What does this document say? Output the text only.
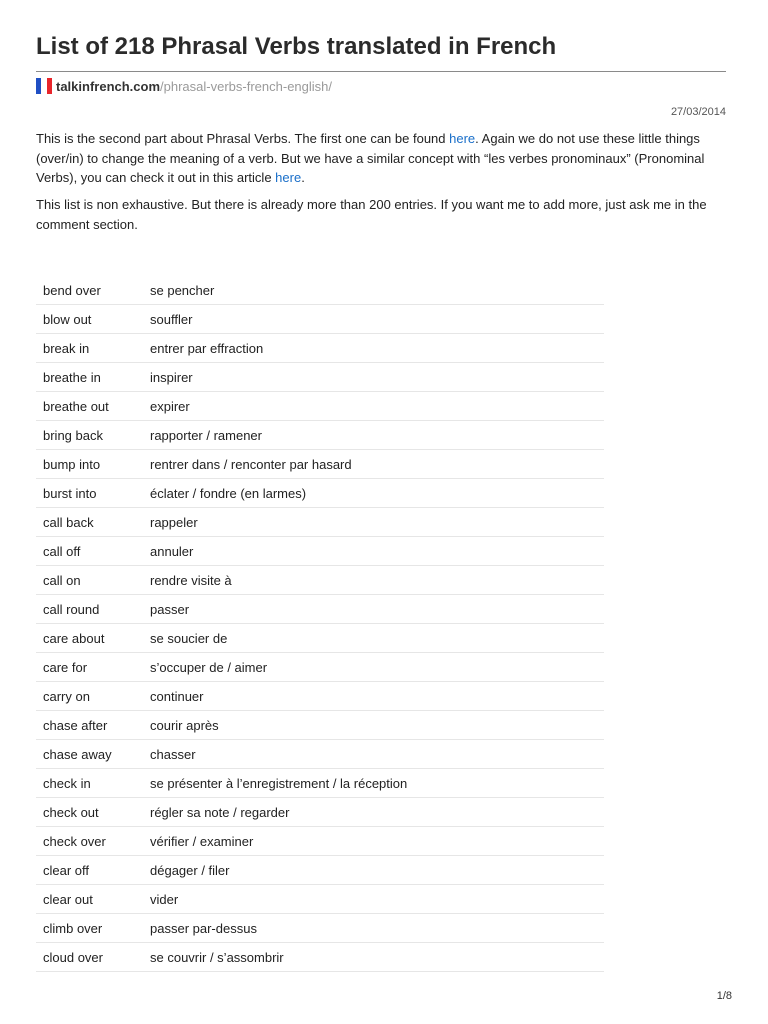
List of 218 Phrasal Verbs translated in French
talkinfrench.com /phrasal-verbs-french-english/
27/03/2014

This is the second part about Phrasal Verbs. The first one can be found here. Again we do not use these little things (over/in) to change the meaning of a verb. But we have a similar concept with “les verbes pronominaux” (Pronominal Verbs), you can check it out in this article here.

This list is non exhaustive. But there is already more than 200 entries. If you want me to add more, just ask me in the comment section.

bend over	se pencher
blow out	souffler
break in	entrer par effraction
breathe in	inspirer
breathe out	expirer
bring back	rapporter / ramener
bump into	rentrer dans / renconter par hasard
burst into	éclater / fondre (en larmes)
call back	rappeler
call off	annuler
call on	rendre visite à
call round	passer
care about	se soucier de
care for	s’occuper de / aimer
carry on	continuer
chase after	courir après
chase away	chasser
check in	se présenter à l’enregistrement / la réception
check out	régler sa note / regarder
check over	vérifier / examiner
clear off	dégager / filer
clear out	vider
climb over	passer par-dessus
cloud over	se couvrir / s’assombrir
1/8
